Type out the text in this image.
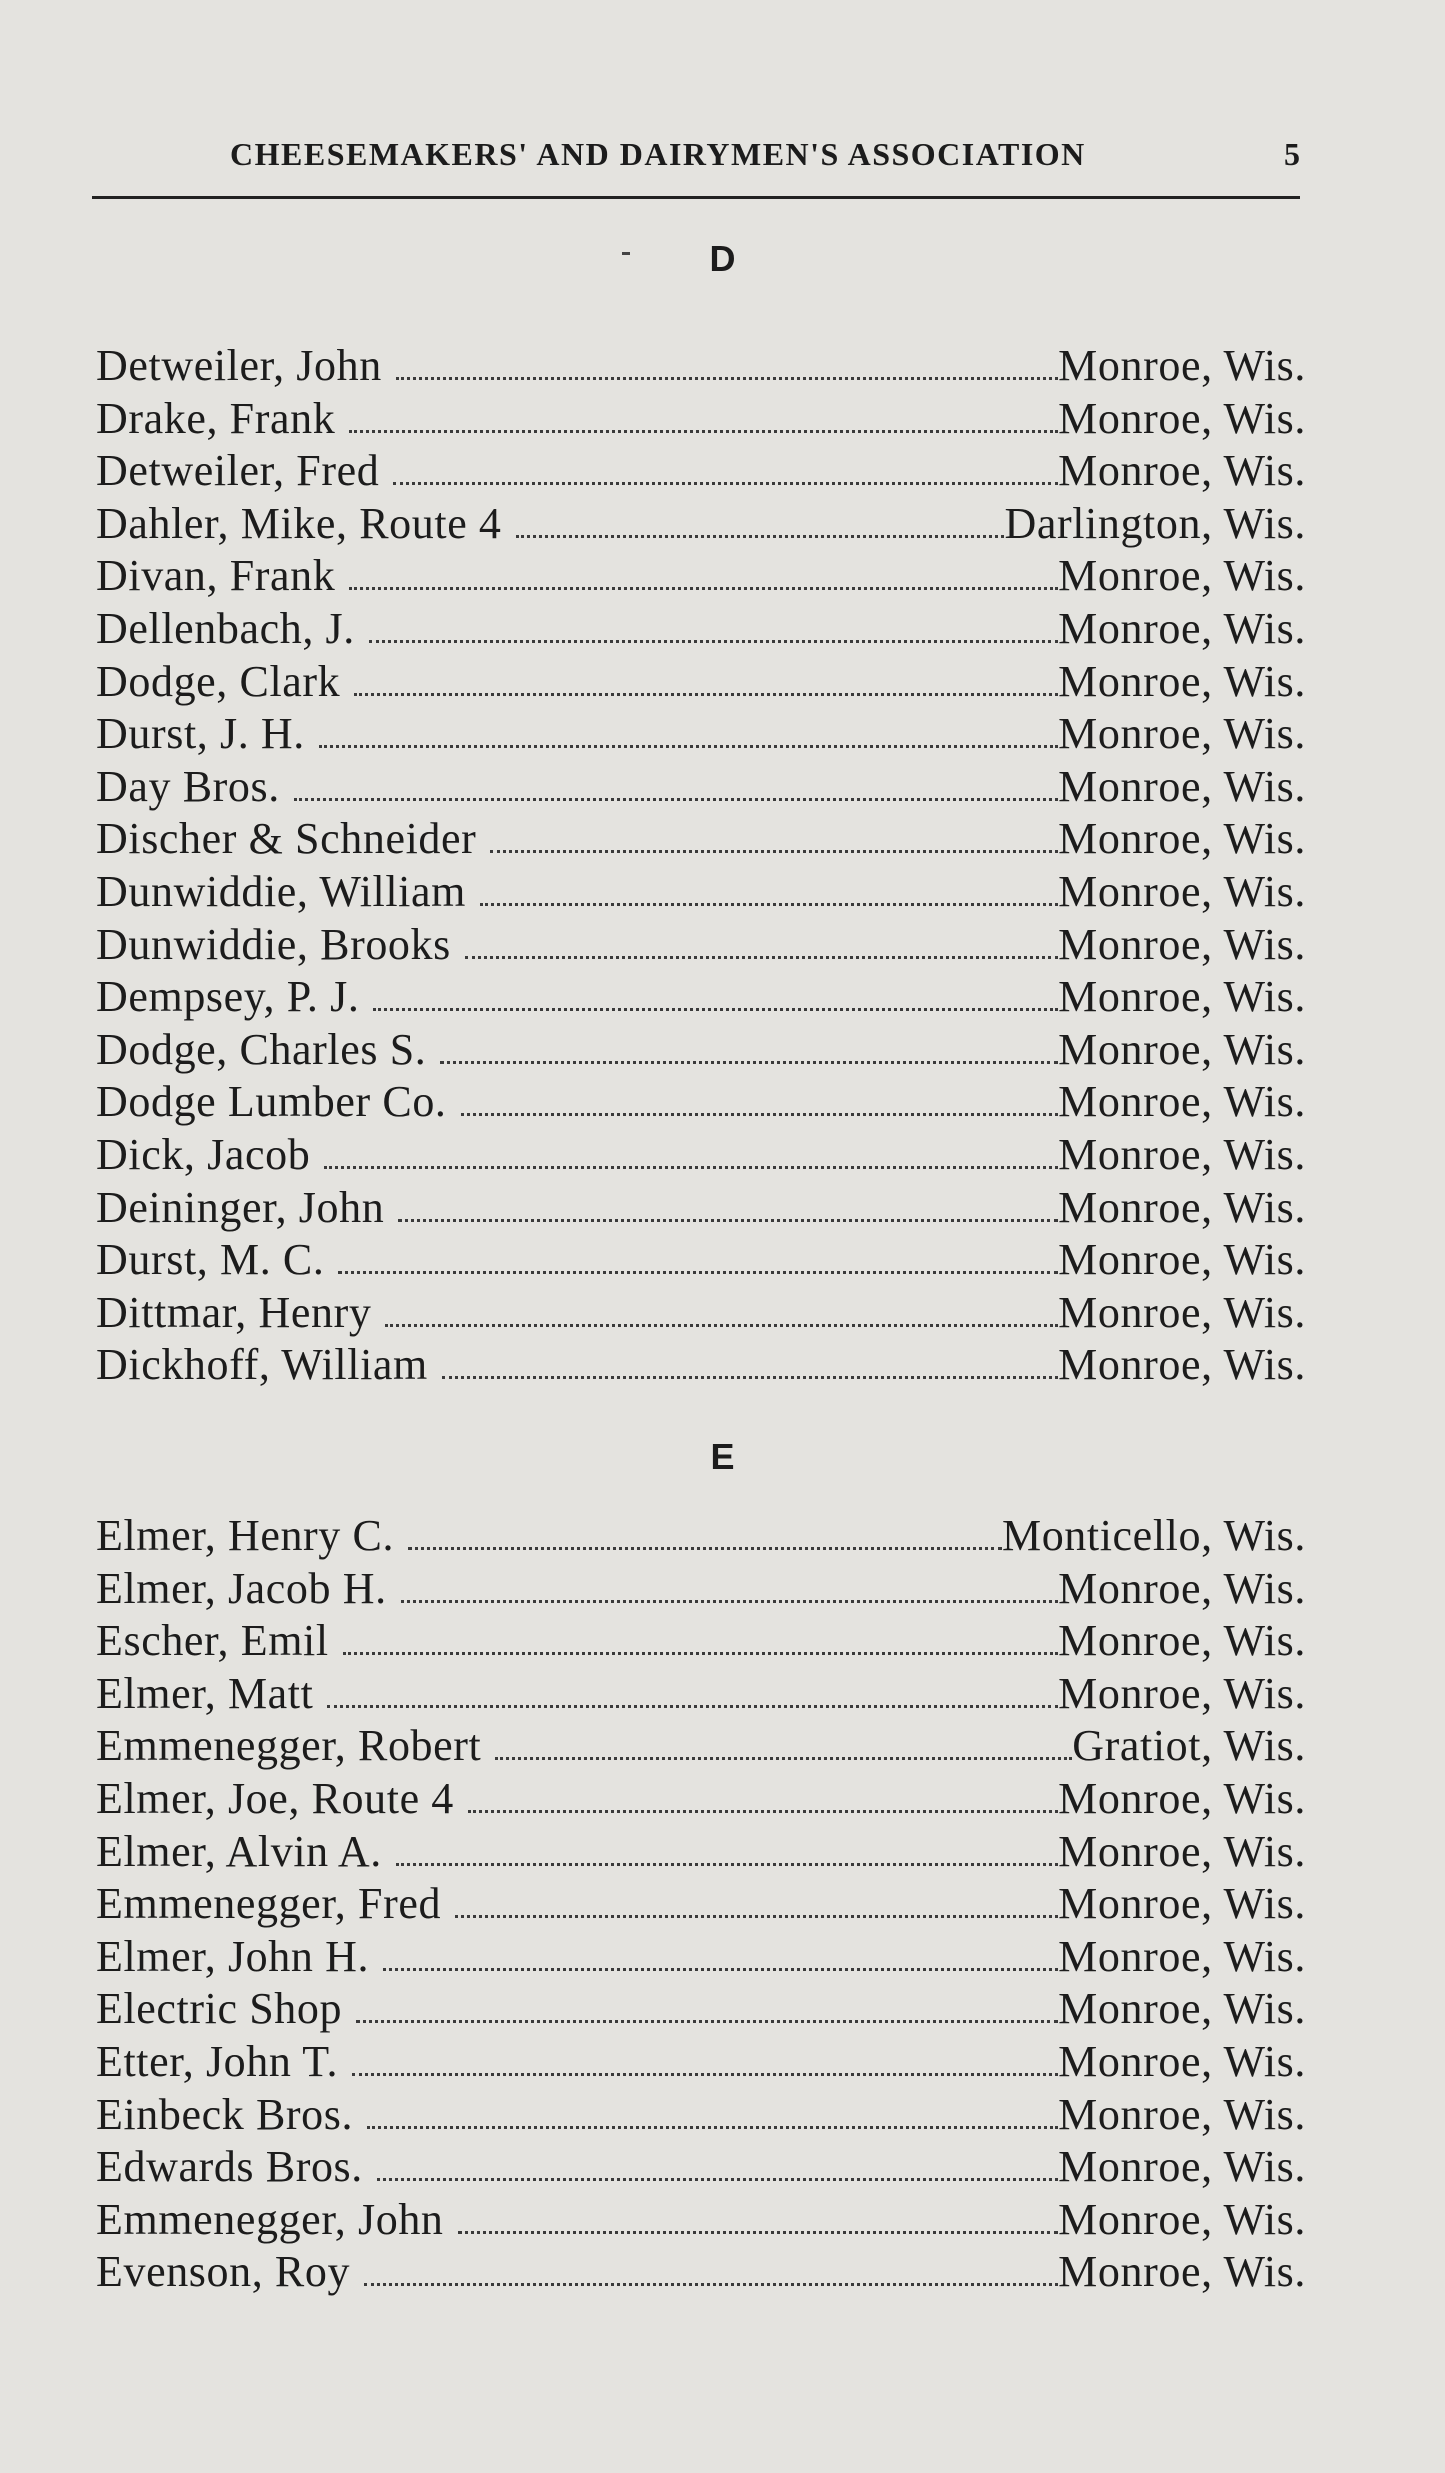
CHEESEMAKERS' AND DAIRYMEN'S ASSOCIATION	5
D
Detweiler, John	Monroe, Wis.
Drake, Frank	Monroe, Wis.
Detweiler, Fred	Monroe, Wis.
Dahler, Mike, Route 4	Darlington, Wis.
Divan, Frank	Monroe, Wis.
Dellenbach, J.	Monroe, Wis.
Dodge, Clark	Monroe, Wis.
Durst, J. H.	Monroe, Wis.
Day Bros.	Monroe, Wis.
Discher & Schneider	Monroe, Wis.
Dunwiddie, William	Monroe, Wis.
Dunwiddie, Brooks	Monroe, Wis.
Dempsey, P. J.	Monroe, Wis.
Dodge, Charles S.	Monroe, Wis.
Dodge Lumber Co.	Monroe, Wis.
Dick, Jacob	Monroe, Wis.
Deininger, John	Monroe, Wis.
Durst, M. C.	Monroe, Wis.
Dittmar, Henry	Monroe, Wis.
Dickhoff, William	Monroe, Wis.
E
Elmer, Henry C.	Monticello, Wis.
Elmer, Jacob H.	Monroe, Wis.
Escher, Emil	Monroe, Wis.
Elmer, Matt	Monroe, Wis.
Emmenegger, Robert	Gratiot, Wis.
Elmer, Joe, Route 4	Monroe, Wis.
Elmer, Alvin A.	Monroe, Wis.
Emmenegger, Fred	Monroe, Wis.
Elmer, John H.	Monroe, Wis.
Electric Shop	Monroe, Wis.
Etter, John T.	Monroe, Wis.
Einbeck Bros.	Monroe, Wis.
Edwards Bros.	Monroe, Wis.
Emmenegger, John	Monroe, Wis.
Evenson, Roy	Monroe, Wis.
